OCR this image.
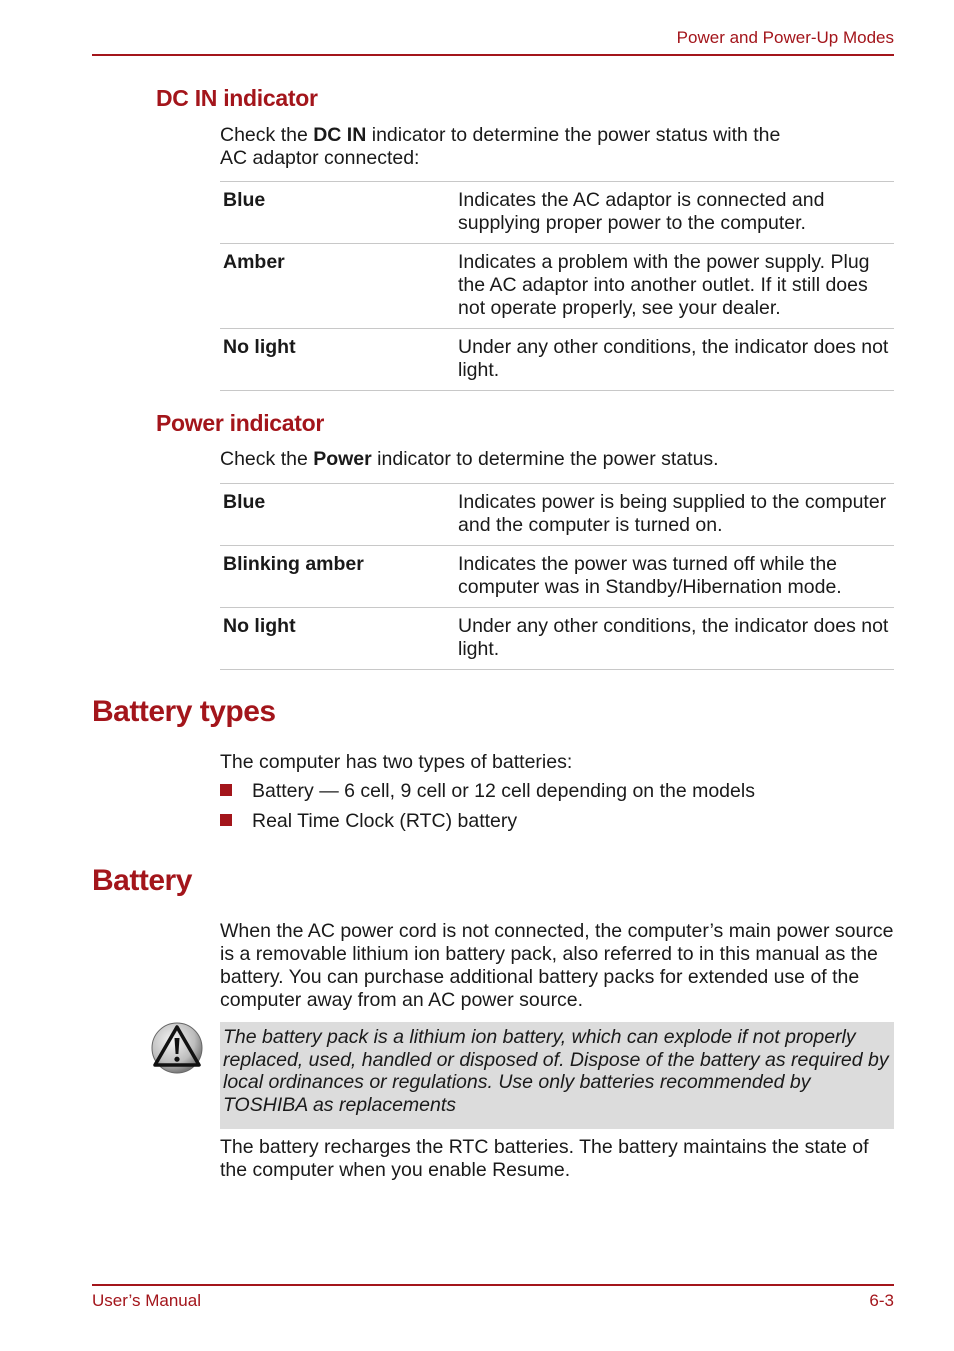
Power and Power-Up Modes
DC IN indicator
Check the DC IN indicator to determine the power status with the
AC adaptor connected:
Blue	Indicates the AC adaptor is connected and supplying proper power to the computer.
Amber	Indicates a problem with the power supply. Plug the AC adaptor into another outlet. If it still does not operate properly, see your dealer.
No light	Under any other conditions, the indicator does not light.
Power indicator
Check the Power indicator to determine the power status.
Blue	Indicates power is being supplied to the computer and the computer is turned on.
Blinking amber	Indicates the power was turned off while the computer was in Standby/Hibernation mode.
No light	Under any other conditions, the indicator does not light.
Battery types
The computer has two types of batteries:
Battery — 6 cell, 9 cell or 12 cell depending on the models
Real Time Clock (RTC) battery
Battery
When the AC power cord is not connected, the computer’s main power source is a removable lithium ion battery pack, also referred to in this manual as the battery. You can purchase additional battery packs for extended use of the computer away from an AC power source.
The battery pack is a lithium ion battery, which can explode if not properly replaced, used, handled or disposed of. Dispose of the battery as required by local ordinances or regulations. Use only batteries recommended by TOSHIBA as replacements
The battery recharges the RTC batteries. The battery maintains the state of the computer when you enable Resume.
User’s Manual	6-3
